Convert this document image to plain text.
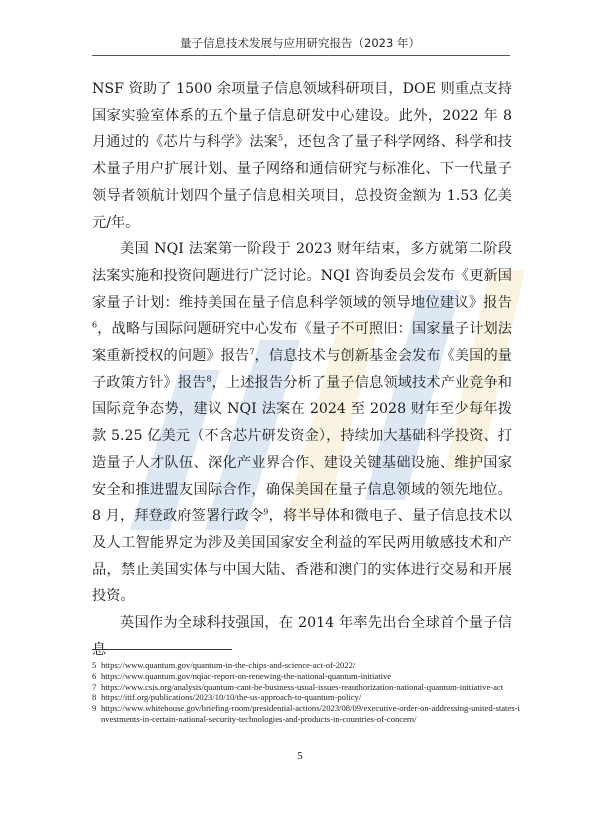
量子信息技术发展与应用研究报告（2023 年）

NSF 资助了 1500 余项量子信息领域科研项目，DOE 则重点支持国家实验室体系的五个量子信息研发中心建设。此外，2022 年 8 月通过的《芯片与科学》法案$^5$，还包含了量子科学网络、科学和技术量子用户扩展计划、量子网络和通信研究与标准化、下一代量子领导者领航计划四个量子信息相关项目，总投资金额为 1.53 亿美元/年。

美国 NQI 法案第一阶段于 2023 财年结束，多方就第二阶段法案实施和投资问题进行广泛讨论。NQI 咨询委员会发布《更新国家量子计划：维持美国在量子信息科学领域的领导地位建议》报告$^6$，战略与国际问题研究中心发布《量子不可照旧：国家量子计划法案重新授权的问题》报告$^7$，信息技术与创新基金会发布《美国的量子政策方针》报告$^8$，上述报告分析了量子信息领域技术产业竞争和国际竞争态势，建议 NQI 法案在 2024 至 2028 财年至少每年拨款 5.25 亿美元（不含芯片研发资金），持续加大基础科学投资、打造量子人才队伍、深化产业界合作、建设关键基础设施、维护国家安全和推进盟友国际合作，确保美国在量子信息领域的领先地位。8 月，拜登政府签署行政令$^9$，将半导体和微电子、量子信息技术以及人工智能界定为涉及美国国家安全利益的军民两用敏感技术和产品，禁止美国实体与中国大陆、香港和澳门的实体进行交易和开展投资。

英国作为全球科技强国，在 2014 年率先出台全球首个量子信息

5 https://www.quantum.gov/quantum-in-the-chips-and-science-act-of-2022/
6 https://www.quantum.gov/nqiac-report-on-renewing-the-national-quantum-initiative
7 https://www.csis.org/analysis/quantum-cant-be-business-usual-issues-reauthorization-national-quantum-initiative-act
8 https://itif.org/publications/2023/10/10/the-us-approach-to-quantum-policy/
9 https://www.whitehouse.gov/briefing-room/presidential-actions/2023/08/09/executive-order-on-addressing-united-states-investments-in-certain-national-security-technologies-and-products-in-countries-of-concern/
5
